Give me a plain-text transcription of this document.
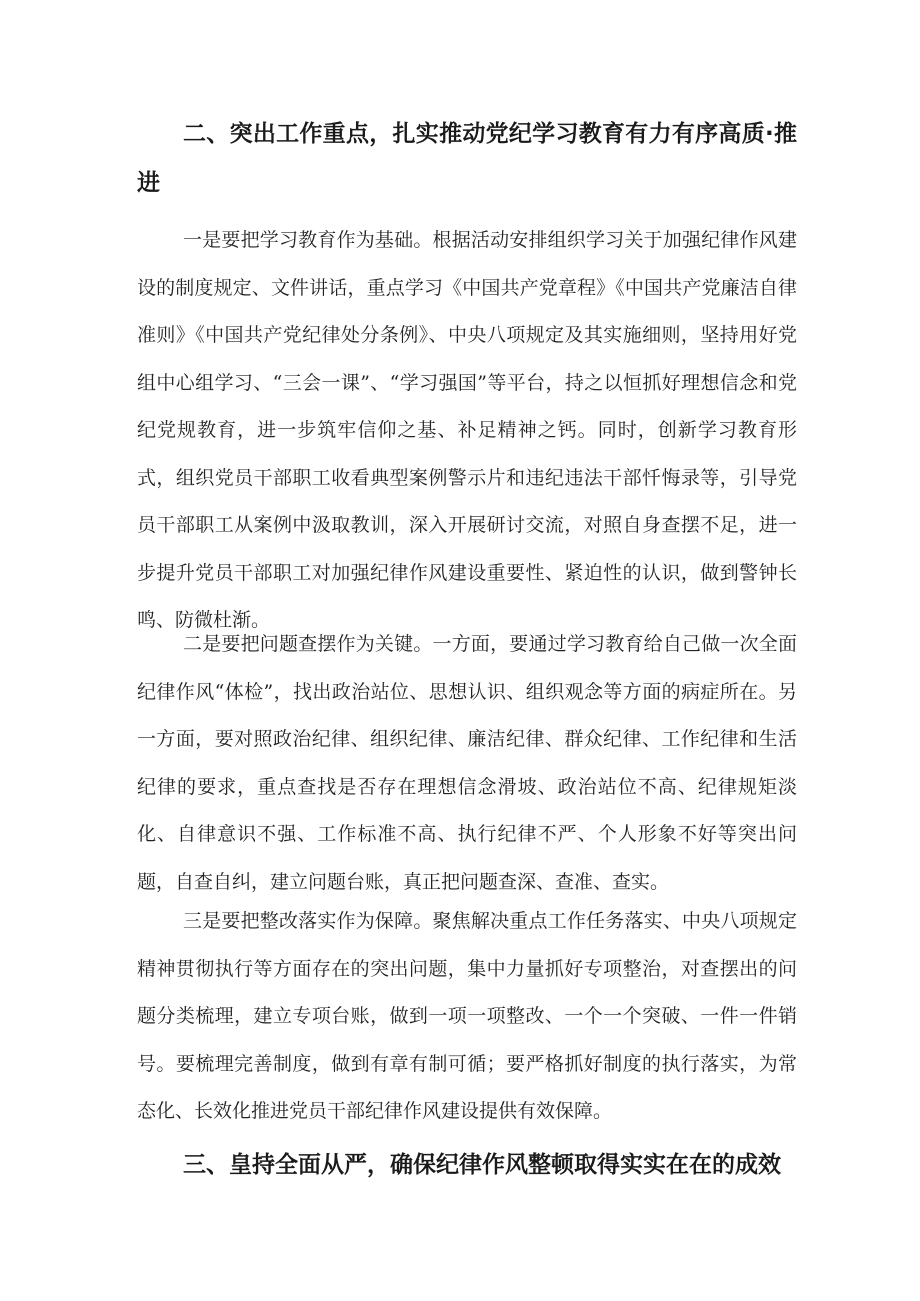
二、突出工作重点，扎实推动党纪学习教育有力有序高质·推进

一是要把学习教育作为基础。根据活动安排组织学习关于加强纪律作风建设的制度规定、文件讲话，重点学习《中国共产党章程》《中国共产党廉洁自律准则》《中国共产党纪律处分条例》、中央八项规定及其实施细则，坚持用好党组中心组学习、“三会一课”、“学习强国”等平台，持之以恒抓好理想信念和党纪党规教育，进一步筑牢信仰之基、补足精神之钙。同时，创新学习教育形式，组织党员干部职工收看典型案例警示片和违纪违法干部忏悔录等，引导党员干部职工从案例中汲取教训，深入开展研讨交流，对照自身查摆不足，进一步提升党员干部职工对加强纪律作风建设重要性、紧迫性的认识，做到警钟长鸣、防微杜渐。

二是要把问题查摆作为关键。一方面，要通过学习教育给自己做一次全面纪律作风“体检”，找出政治站位、思想认识、组织观念等方面的病症所在。另一方面，要对照政治纪律、组织纪律、廉洁纪律、群众纪律、工作纪律和生活纪律的要求，重点查找是否存在理想信念滑坡、政治站位不高、纪律规矩淡化、自律意识不强、工作标准不高、执行纪律不严、个人形象不好等突出问题，自查自纠，建立问题台账，真正把问题查深、查准、查实。

三是要把整改落实作为保障。聚焦解决重点工作任务落实、中央八项规定精神贯彻执行等方面存在的突出问题，集中力量抓好专项整治，对查摆出的问题分类梳理，建立专项台账，做到一项一项整改、一个一个突破、一件一件销号。要梳理完善制度，做到有章有制可循；要严格抓好制度的执行落实，为常态化、长效化推进党员干部纪律作风建设提供有效保障。

三、皇持全面从严，确保纪律作风整顿取得实实在在的成效
